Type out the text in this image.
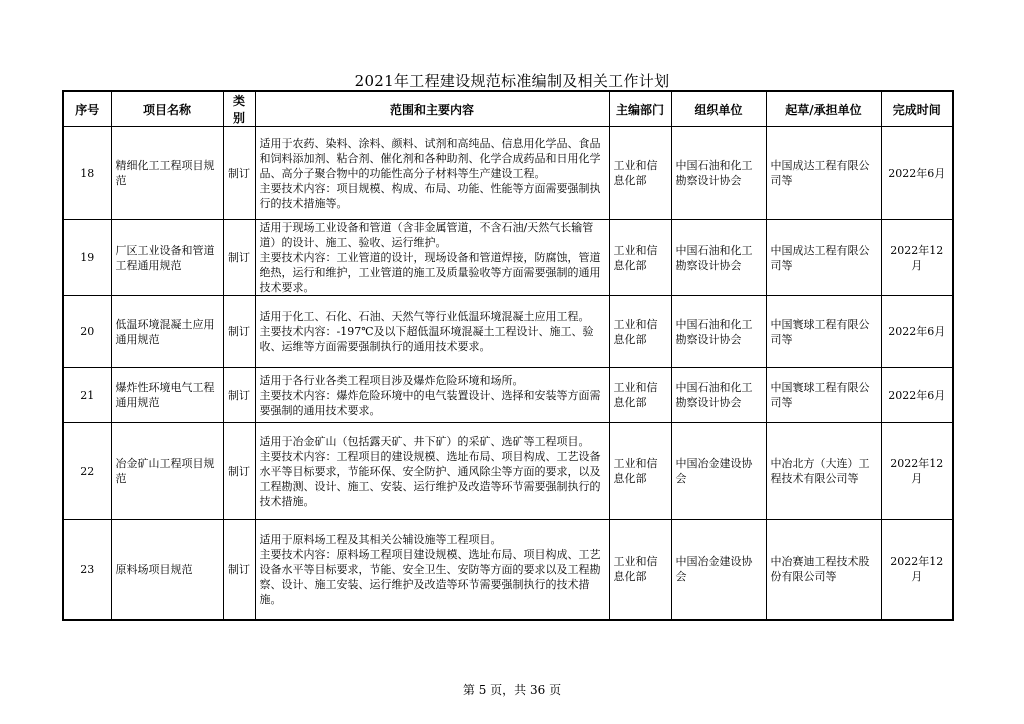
2021年工程建设规范标准编制及相关工作计划
序号	项目名称	类别	范围和主要内容	主编部门	组织单位	起草/承担单位	完成时间
18	精细化工工程项目规范	制订	适用于农药、染料、涂料、颜料、试剂和高纯品、信息用化学品、食品和饲料添加剂、粘合剂、催化剂和各种助剂、化学合成药品和日用化学品、高分子聚合物中的功能性高分子材料等生产建设工程。
主要技术内容：项目规模、构成、布局、功能、性能等方面需要强制执行的技术措施等。	工业和信息化部	中国石油和化工勘察设计协会	中国成达工程有限公司等	2022年6月
19	厂区工业设备和管道工程通用规范	制订	适用于现场工业设备和管道（含非金属管道，不含石油/天然气长输管道）的设计、施工、验收、运行维护。
主要技术内容：工业管道的设计，现场设备和管道焊接，防腐蚀，管道绝热，运行和维护，工业管道的施工及质量验收等方面需要强制的通用技术要求。	工业和信息化部	中国石油和化工勘察设计协会	中国成达工程有限公司等	2022年12月
20	低温环境混凝土应用通用规范	制订	适用于化工、石化、石油、天然气等行业低温环境混凝土应用工程。
主要技术内容：-197℃及以下超低温环境混凝土工程设计、施工、验收、运维等方面需要强制执行的通用技术要求。	工业和信息化部	中国石油和化工勘察设计协会	中国寰球工程有限公司等	2022年6月
21	爆炸性环境电气工程通用规范	制订	适用于各行业各类工程项目涉及爆炸危险环境和场所。
主要技术内容：爆炸危险环境中的电气装置设计、选择和安装等方面需要强制的通用技术要求。	工业和信息化部	中国石油和化工勘察设计协会	中国寰球工程有限公司等	2022年6月
22	冶金矿山工程项目规范	制订	适用于冶金矿山（包括露天矿、井下矿）的采矿、选矿等工程项目。
主要技术内容：工程项目的建设规模、选址布局、项目构成、工艺设备水平等目标要求，节能环保、安全防护、通风除尘等方面的要求，以及工程勘测、设计、施工、安装、运行维护及改造等环节需要强制执行的技术措施。	工业和信息化部	中国冶金建设协会	中冶北方（大连）工程技术有限公司等	2022年12月
23	原料场项目规范	制订	适用于原料场工程及其相关公辅设施等工程项目。
主要技术内容：原料场工程项目建设规模、选址布局、项目构成、工艺设备水平等目标要求，节能、安全卫生、安防等方面的要求以及工程勘察、设计、施工安装、运行维护及改造等环节需要强制执行的技术措施。	工业和信息化部	中国冶金建设协会	中冶赛迪工程技术股份有限公司等	2022年12月
第 5 页，共 36 页
